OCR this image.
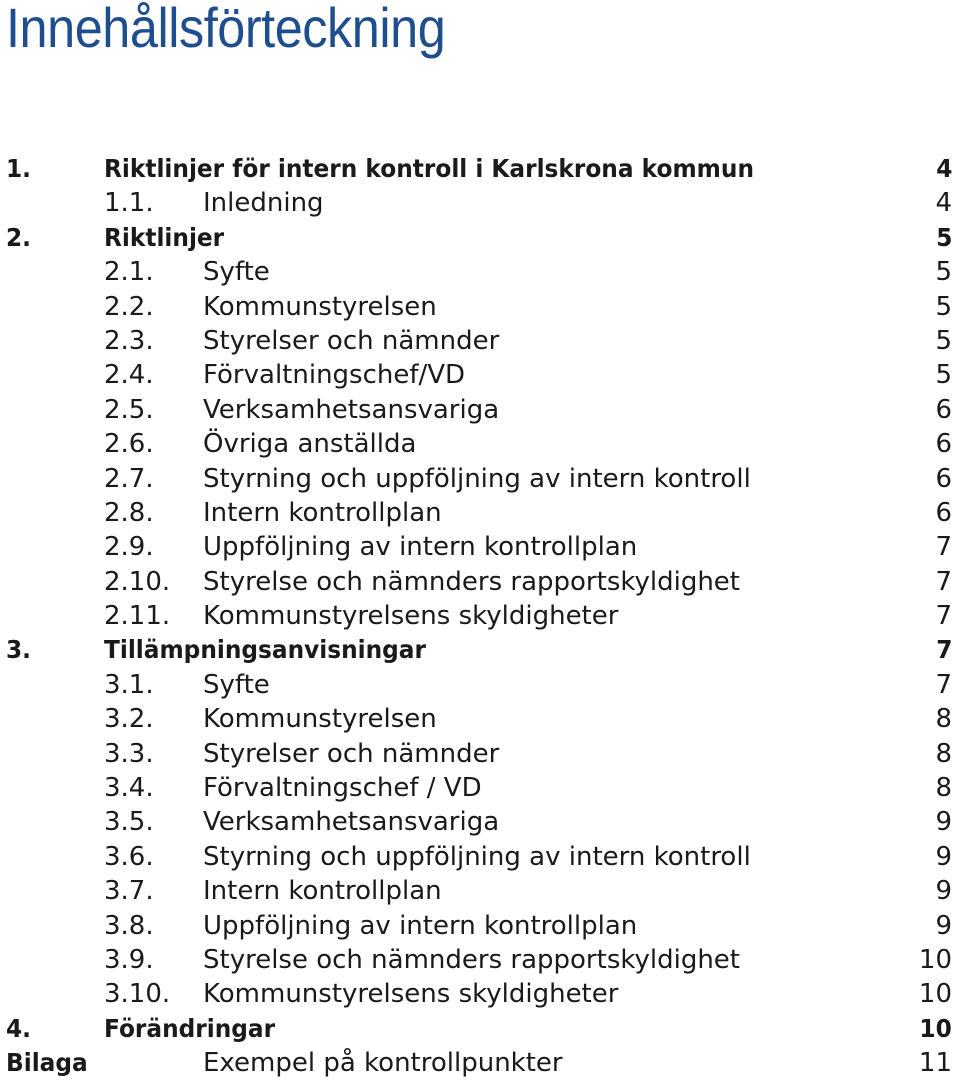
Innehållsförteckning
1.	Riktlinjer för intern kontroll i Karlskrona kommun	4
1.1. Inledning	4
2.	Riktlinjer	5
2.1. Syfte	5
2.2. Kommunstyrelsen	5
2.3. Styrelser och nämnder	5
2.4. Förvaltningschef/VD	5
2.5. Verksamhetsansvariga	6
2.6. Övriga anställda	6
2.7. Styrning och uppföljning av intern kontroll	6
2.8. Intern kontrollplan	6
2.9. Uppföljning av intern kontrollplan	7
2.10. Styrelse och nämnders rapportskyldighet	7
2.11. Kommunstyrelsens skyldigheter	7
3.	Tillämpningsanvisningar	7
3.1. Syfte	7
3.2. Kommunstyrelsen	8
3.3. Styrelser och nämnder	8
3.4. Förvaltningschef / VD	8
3.5. Verksamhetsansvariga	9
3.6. Styrning och uppföljning av intern kontroll	9
3.7. Intern kontrollplan	9
3.8. Uppföljning av intern kontrollplan	9
3.9. Styrelse och nämnders rapportskyldighet	10
3.10. Kommunstyrelsens skyldigheter	10
4.	Förändringar	10
Bilaga	Exempel på kontrollpunkter	11
